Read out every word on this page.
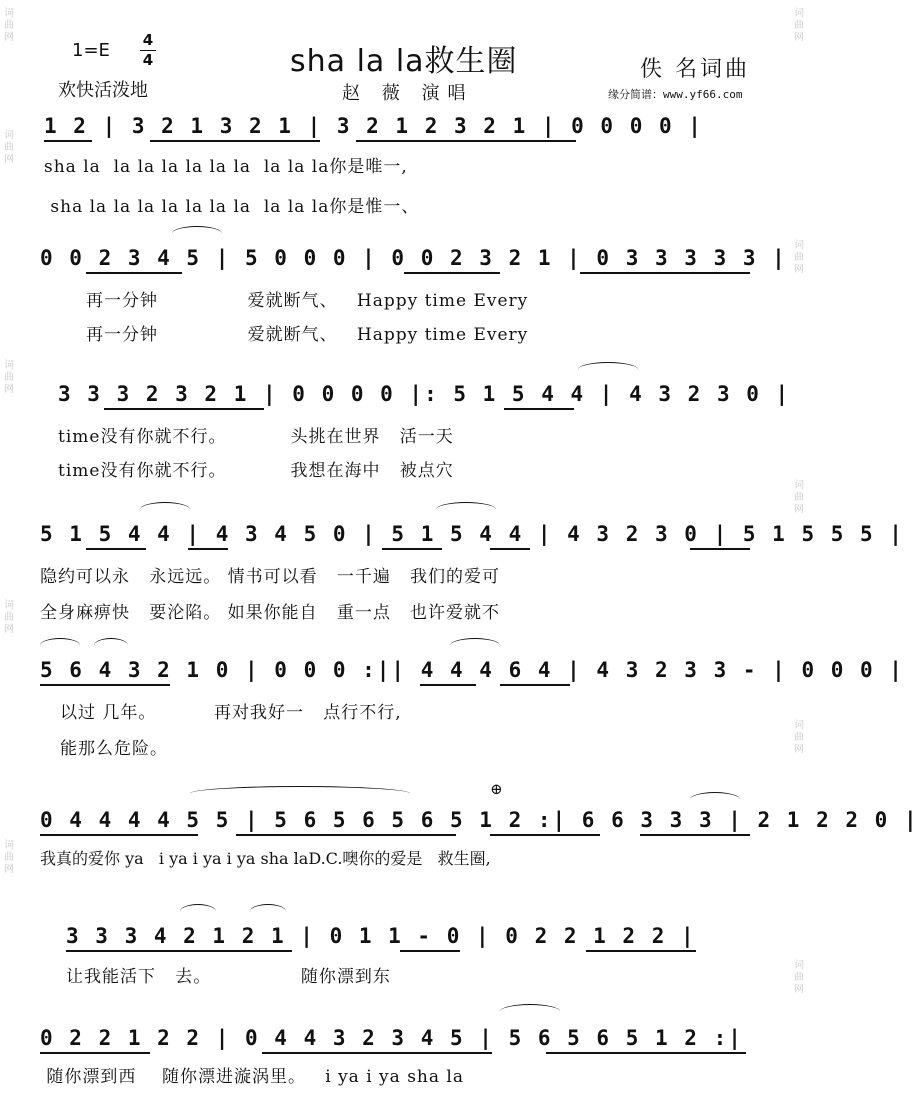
词
曲
网
词
曲
网
词
曲
网
词
曲
网
词
曲
网
词
曲
网
词
曲
网
词
曲
网
词
曲
网
词
曲
网
1=E 4
4	sha la la救生圈
欢快活泼地	赵 薇 演唱
佚 名词曲
缘分简谱：www.yf66.com
1 2 | 3 2 1 3 2 1 | 3 2 1 2 3 2 1 | 0 0 0 0 |
sha la  la la la la la la  la la la你是唯一,
sha la la la la la la la  la la la你是惟一、
0 0 2 3 4 5 | 5 0 0 0 | 0 0 2 3 2 1 | 0 3 3 3 3 3 |
再一分钟              爱就断气、   Happy time Every
再一分钟              爱就断气、   Happy time Every
3 3 3 2 3 2 1 | 0 0 0 0 |: 5 1 5 4 4 | 4 3 2 3 0 |
time没有你就不行。          头挑在世界   活一天
time没有你就不行。          我想在海中   被点穴
5 1 5 4 4 | 4 3 4 5 0 | 5 1 5 4 4 | 4 3 2 3 0 | 5 1 5 5 5 |
隐约可以永   永远远。 情书可以看   一千遍   我们的爱可
全身麻痹快   要沦陷。 如果你能自   重一点   也许爱就不
5 6 4 3 2 1 0 | 0 0 0 :|| 4 4 4 6 4 | 4 3 2 3 3 - | 0 0 0 |
以过 几年。         再对我好一   点行不行,
能那么危险。
0 4 4 4 4 5 5 | 5 6 5 6 5 6 5 1 2 :| 6 6 3 3 3 | 2 1 2 2 0 |
⊕
我真的爱你 ya   i ya i ya i ya sha laD.C.噢你的爱是   救生圈,
3 3 3 4 2 1 2 1 | 0 1 1 - 0 | 0 2 2 1 2 2 |
让我能活下   去。              随你漂到东
0 2 2 1 2 2 | 0 4 4 3 2 3 4 5 | 5 6 5 6 5 1 2 :|
随你漂到西    随你漂进漩涡里。   i ya i ya sha la
